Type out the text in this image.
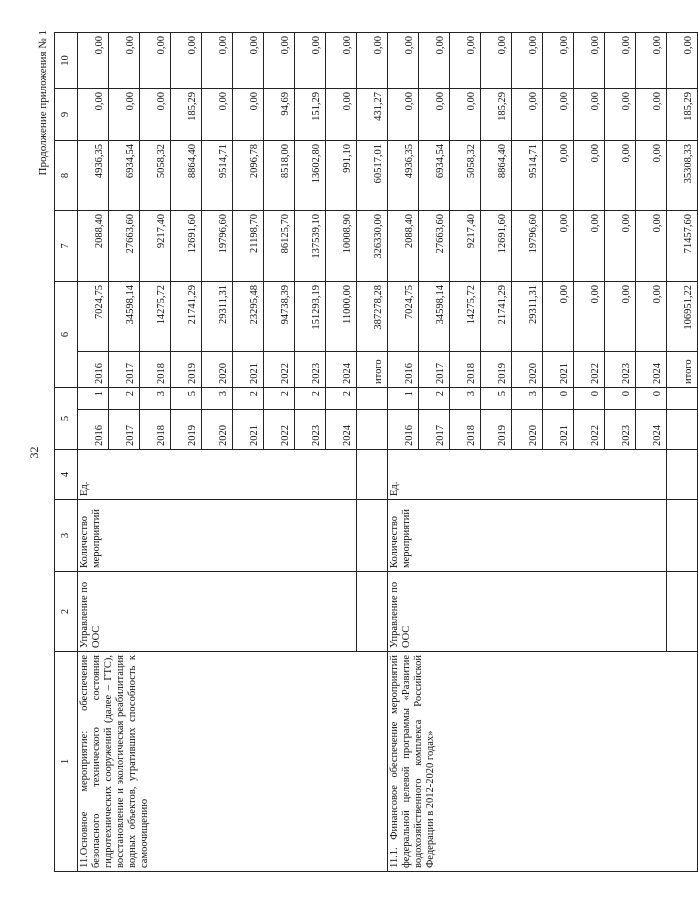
32
Продолжение приложения № 1
1	2	3	4	5		6		7	8	9	10
11.Основное мероприятие: обеспечение безопасного технического состояния гидротехнических сооружений (далее – ГТС), восстановление и экологическая реабилитация водных объектов, утративших способность к самоочищению	Управление по ООС	Количество мероприятий	Ед.	2016	1	2016	7024,75	2088,40	4936,35	0,00	0,00
				2017	2	2017	34598,14	27663,60	6934,54	0,00	0,00
				2018	3	2018	14275,72	9217,40	5058,32	0,00	0,00
				2019	5	2019	21741,29	12691,60	8864,40	185,29	0,00
				2020	3	2020	29311,31	19796,60	9514,71	0,00	0,00
				2021	2	2021	23295,48	21198,70	2096,78	0,00	0,00
				2022	2	2022	94738,39	86125,70	8518,00	94,69	0,00
				2023	2	2023	151293,19	137539,10	13602,80	151,29	0,00
				2024	2	2024	11000,00	10008,90	991,10	0,00	0,00
						итого	387278,28	326330,00	60517,01	431,27	0,00
11.1. Финансовое обеспечение мероприятий федеральной целевой программы «Развитие водохозяйственного комплекса Российской Федерации в 2012-2020 годах»	Управление по ООС	Количество мероприятий	Ед.	2016	1	2016	7024,75	2088,40	4936,35	0,00	0,00
				2017	2	2017	34598,14	27663,60	6934,54	0,00	0,00
				2018	3	2018	14275,72	9217,40	5058,32	0,00	0,00
				2019	5	2019	21741,29	12691,60	8864,40	185,29	0,00
				2020	3	2020	29311,31	19796,60	9514,71	0,00	0,00
				2021	0	2021	0,00	0,00	0,00	0,00	0,00
				2022	0	2022	0,00	0,00	0,00	0,00	0,00
				2023	0	2023	0,00	0,00	0,00	0,00	0,00
				2024	0	2024	0,00	0,00	0,00	0,00	0,00
						итого	106951,22	71457,60	35308,33	185,29	0,00
